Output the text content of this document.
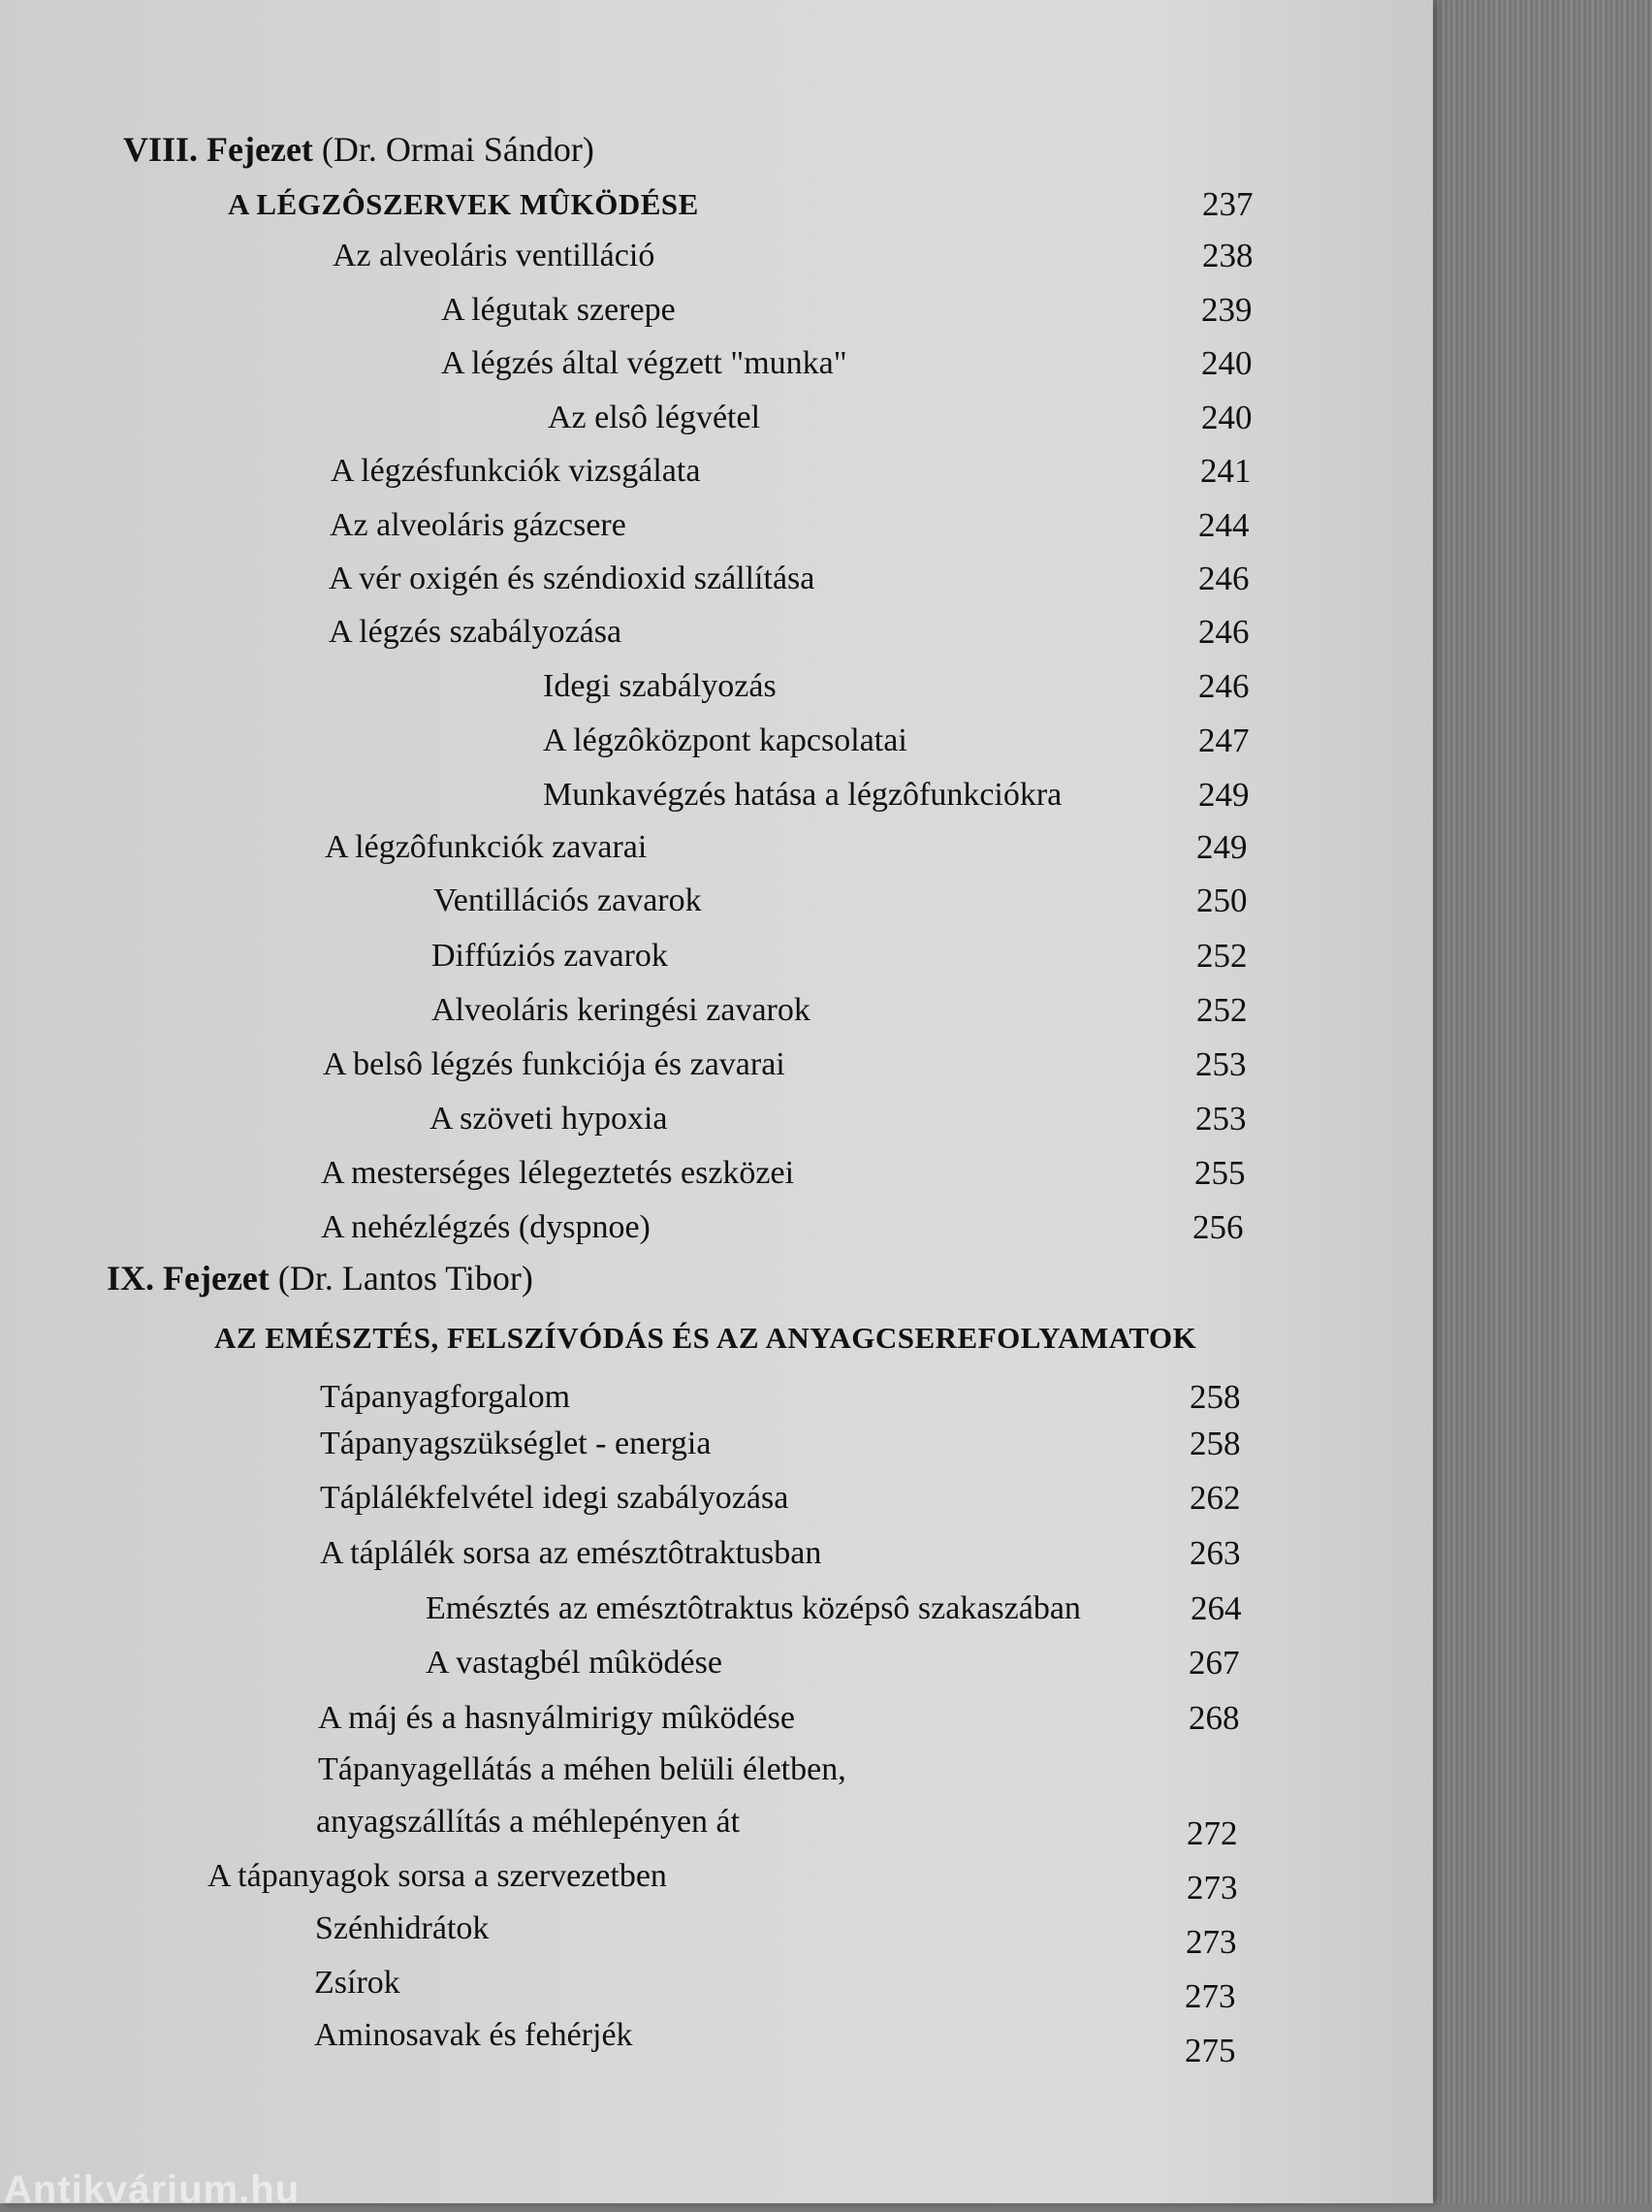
VIII. Fejezet (Dr. Ormai Sándor)
A LÉGZÔSZERVEK MÛKÖDÉSE	237
Az alveoláris ventilláció	238
A légutak szerepe	239
A légzés által végzett "munka"	240
Az elsô légvétel	240
A légzésfunkciók vizsgálata	241
Az alveoláris gázcsere	244
A vér oxigén és széndioxid szállítása	246
A légzés szabályozása	246
Idegi szabályozás	246
A légzôközpont kapcsolatai	247
Munkavégzés hatása a légzôfunkciókra	249
A légzôfunkciók zavarai	249
Ventillációs zavarok	250
Diffúziós zavarok	252
Alveoláris keringési zavarok	252
A belsô légzés funkciója és zavarai	253
A szöveti hypoxia	253
A mesterséges lélegeztetés eszközei	255
A nehézlégzés (dyspnoe)	256
IX. Fejezet (Dr. Lantos Tibor)
AZ EMÉSZTÉS, FELSZÍVÓDÁS ÉS AZ ANYAGCSEREFOLYAMATOK
Tápanyagforgalom	258
Tápanyagszükséglet - energia	258
Táplálékfelvétel idegi szabályozása	262
A táplálék sorsa az emésztôtraktusban	263
Emésztés az emésztôtraktus középsô szakaszában	264
A vastagbél mûködése	267
A máj és a hasnyálmirigy mûködése	268
Tápanyagellátás a méhen belüli életben,
anyagszállítás a méhlepényen át	272
A tápanyagok sorsa a szervezetben	273
Szénhidrátok	273
Zsírok	273
Aminosavak és fehérjék	275
Antikvárium.hu
